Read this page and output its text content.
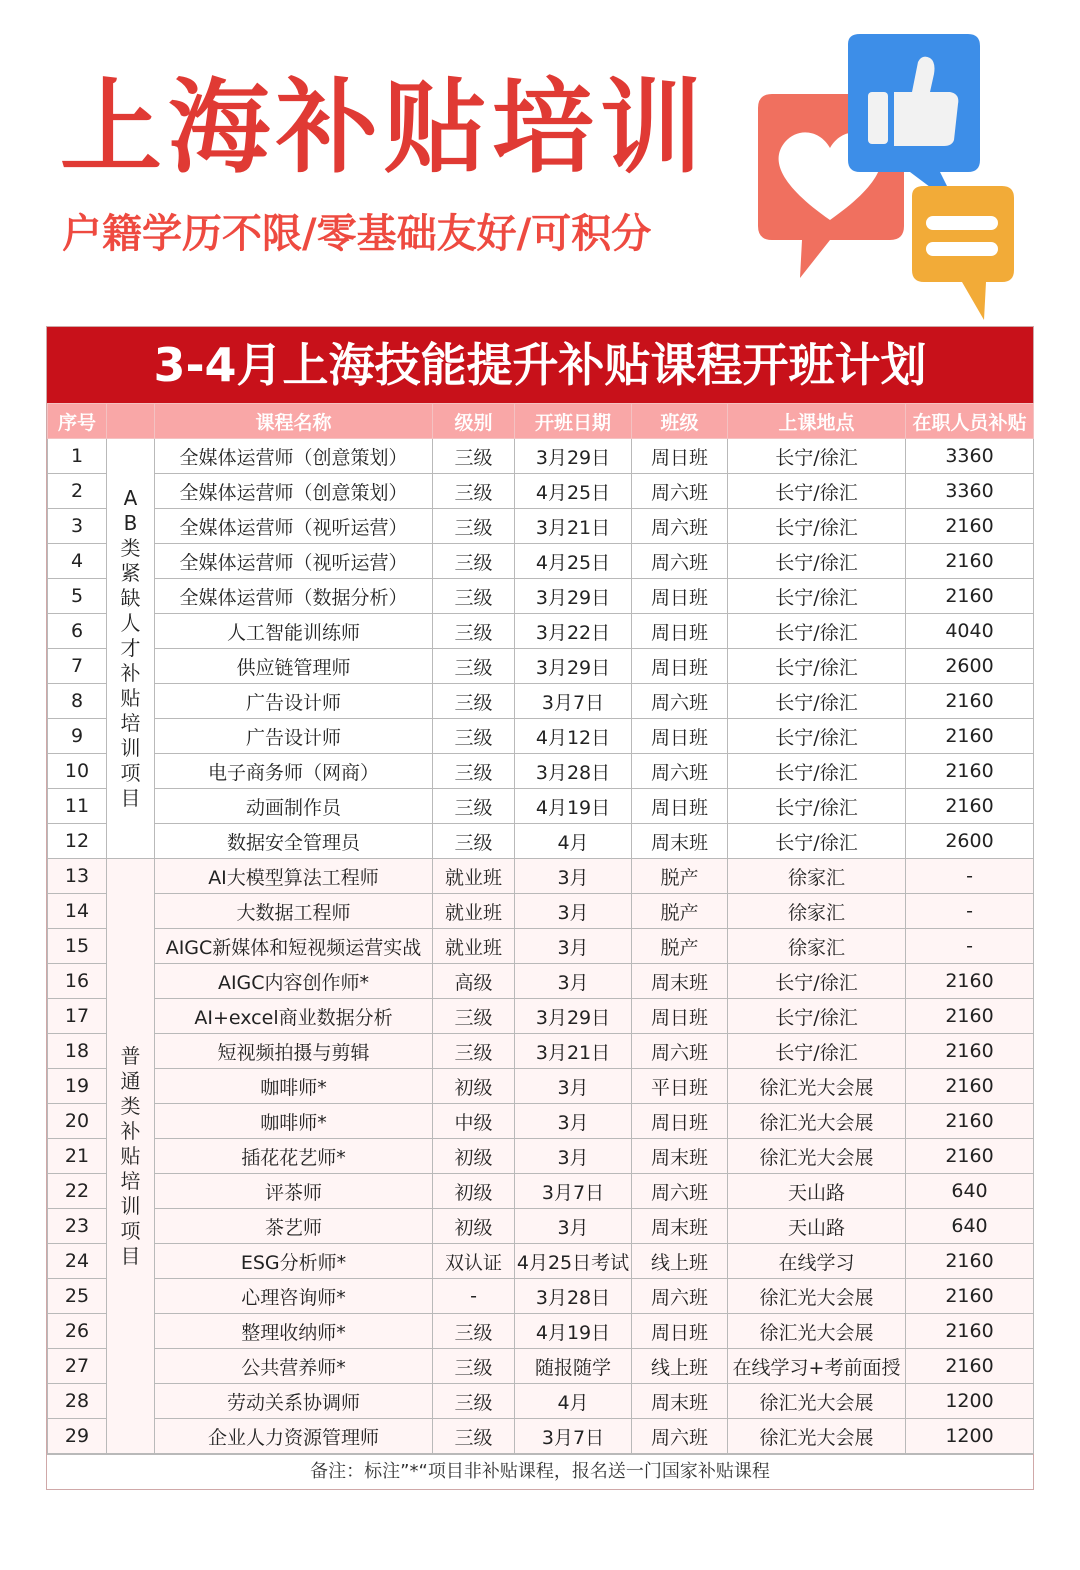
上海补贴培训
户籍学历不限/零基础友好/可积分
3-4月上海技能提升补贴课程开班计划
序号		课程名称	级别	开班日期	班级	上课地点	在职人员补贴
1	AB类紧缺人才补贴培训项目	全媒体运营师（创意策划）	三级	3月29日	周日班	长宁/徐汇	3360
2		全媒体运营师（创意策划）	三级	4月25日	周六班	长宁/徐汇	3360
3		全媒体运营师（视听运营）	三级	3月21日	周六班	长宁/徐汇	2160
4		全媒体运营师（视听运营）	三级	4月25日	周六班	长宁/徐汇	2160
5		全媒体运营师（数据分析）	三级	3月29日	周日班	长宁/徐汇	2160
6		人工智能训练师	三级	3月22日	周日班	长宁/徐汇	4040
7		供应链管理师	三级	3月29日	周日班	长宁/徐汇	2600
8		广告设计师	三级	3月7日	周六班	长宁/徐汇	2160
9		广告设计师	三级	4月12日	周日班	长宁/徐汇	2160
10		电子商务师（网商）	三级	3月28日	周六班	长宁/徐汇	2160
11		动画制作员	三级	4月19日	周日班	长宁/徐汇	2160
12		数据安全管理员	三级	4月	周末班	长宁/徐汇	2600
13	普通类补贴培训项目	AI大模型算法工程师	就业班	3月	脱产	徐家汇	-
14		大数据工程师	就业班	3月	脱产	徐家汇	-
15		AIGC新媒体和短视频运营实战	就业班	3月	脱产	徐家汇	-
16		AIGC内容创作师*	高级	3月	周末班	长宁/徐汇	2160
17		AI+excel商业数据分析	三级	3月29日	周日班	长宁/徐汇	2160
18		短视频拍摄与剪辑	三级	3月21日	周六班	长宁/徐汇	2160
19		咖啡师*	初级	3月	平日班	徐汇光大会展	2160
20		咖啡师*	中级	3月	周日班	徐汇光大会展	2160
21		插花花艺师*	初级	3月	周末班	徐汇光大会展	2160
22		评茶师	初级	3月7日	周六班	天山路	640
23		茶艺师	初级	3月	周末班	天山路	640
24		ESG分析师*	双认证	4月25日考试	线上班	在线学习	2160
25		心理咨询师*	-	3月28日	周六班	徐汇光大会展	2160
26		整理收纳师*	三级	4月19日	周日班	徐汇光大会展	2160
27		公共营养师*	三级	随报随学	线上班	在线学习+考前面授	2160
28		劳动关系协调师	三级	4月	周末班	徐汇光大会展	1200
29		企业人力资源管理师	三级	3月7日	周六班	徐汇光大会展	1200
备注：标注”*“项目非补贴课程，报名送一门国家补贴课程
